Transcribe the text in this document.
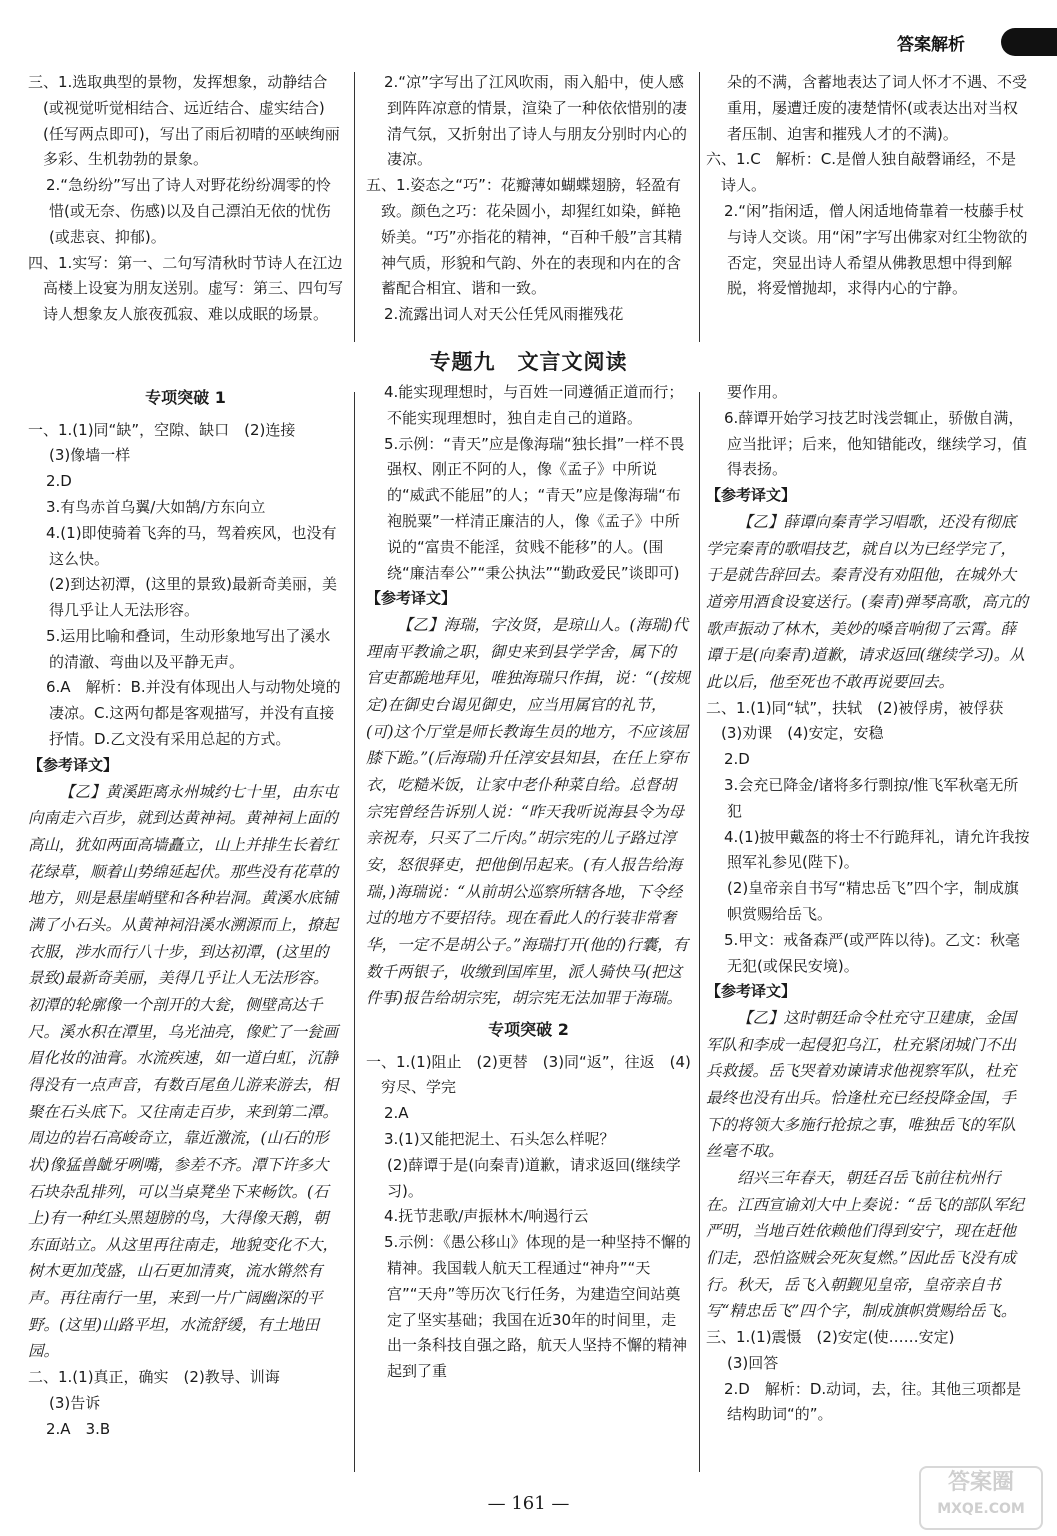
答案解析

三、1.选取典型的景物，发挥想象，动静结合(或视觉听觉相结合、远近结合、虚实结合)(任写两点即可)，写出了雨后初晴的巫峡绚丽多彩、生机勃勃的景象。

2.“急纷纷”写出了诗人对野花纷纷凋零的怜惜(或无奈、伤感)以及自己漂泊无依的忧伤(或悲哀、抑郁)。

四、1.实写：第一、二句写清秋时节诗人在江边高楼上设宴为朋友送别。虚写：第三、四句写诗人想象友人旅夜孤寂、难以成眠的场景。

2.“凉”字写出了江风吹雨，雨入船中，使人感到阵阵凉意的情景，渲染了一种依依惜别的凄清气氛，又折射出了诗人与朋友分别时内心的凄凉。

五、1.姿态之“巧”：花瓣薄如蝴蝶翅膀，轻盈有致。颜色之巧：花朵圆小，却猩红如染，鲜艳娇美。“巧”亦指花的精神，“百种千般”言其精神气质，形貌和气韵、外在的表现和内在的含蓄配合相宜、谐和一致。

2.流露出词人对天公任凭风雨摧残花

朵的不满，含蓄地表达了词人怀才不遇、不受重用，屡遭迁废的凄楚情怀(或表达出对当权者压制、迫害和摧残人才的不满)。

六、1.C　解析：C.是僧人独自敲磬诵经，不是诗人。

2.“闲”指闲适，僧人闲适地倚靠着一枝藤手杖与诗人交谈。用“闲”字写出佛家对红尘物欲的否定，突显出诗人希望从佛教思想中得到解脱，将爱憎抛却，求得内心的宁静。

专题九　文言文阅读

专项突破 1

一、1.(1)同“缺”，空隙、缺口　(2)连接

(3)像墙一样

2.D

3.有鸟赤首乌翼/大如鹄/方东向立

4.(1)即使骑着飞奔的马，驾着疾风，也没有这么快。

(2)到达初潭，(这里的景致)最新奇美丽，美得几乎让人无法形容。

5.运用比喻和叠词，生动形象地写出了溪水的清澈、弯曲以及平静无声。

6.A　解析：B.并没有体现出人与动物处境的凄凉。C.这两句都是客观描写，并没有直接抒情。D.乙文没有采用总起的方式。

【参考译文】

【乙】黄溪距离永州城约七十里，由东屯向南走六百步，就到达黄神祠。黄神祠上面的高山，犹如两面高墙矗立，山上并排生长着红花绿草，顺着山势绵延起伏。那些没有花草的地方，则是悬崖峭壁和各种岩洞。黄溪水底铺满了小石头。从黄神祠沿溪水溯源而上，撩起衣服，涉水而行八十步，到达初潭，(这里的景致)最新奇美丽，美得几乎让人无法形容。初潭的轮廓像一个剖开的大瓮，侧壁高达千尺。溪水积在潭里，乌光油亮，像贮了一瓮画眉化妆的油膏。水流疾速，如一道白虹，沉静得没有一点声音，有数百尾鱼儿游来游去，相聚在石头底下。又往南走百步，来到第二潭。周边的岩石高峻奇立，靠近激流，(山石的形状)像猛兽龇牙咧嘴，参差不齐。潭下许多大石块杂乱排列，可以当桌凳坐下来畅饮。(石上)有一种红头黑翅膀的鸟，大得像天鹅，朝东面站立。从这里再往南走，地貌变化不大，树木更加茂盛，山石更加清爽，流水锵然有声。再往南行一里，来到一片广阔幽深的平野。(这里)山路平坦，水流舒缓，有土地田园。

二、1.(1)真正，确实　(2)教导、训诲

(3)告诉

2.A　3.B

4.能实现理想时，与百姓一同遵循正道而行；不能实现理想时，独自走自己的道路。

5.示例：“青天”应是像海瑞“独长揖”一样不畏强权、刚正不阿的人，像《孟子》中所说的“威武不能屈”的人；“青天”应是像海瑞“布袍脱粟”一样清正廉洁的人，像《孟子》中所说的“富贵不能淫，贫贱不能移”的人。(围绕“廉洁奉公”“秉公执法”“勤政爱民”谈即可)

【参考译文】

【乙】海瑞，字汝贤，是琼山人。(海瑞)代理南平教谕之职，御史来到县学学舍，属下的官吏都跪地拜见，唯独海瑞只作揖，说：“(按规定)在御史台谒见御史，应当用属官的礼节，(可)这个厅堂是师长教诲生员的地方，不应该屈膝下跪。”(后海瑞)升任淳安县知县，在任上穿布衣，吃糙米饭，让家中老仆种菜自给。总督胡宗宪曾经告诉别人说：“昨天我听说海县令为母亲祝寿，只买了二斤肉。”胡宗宪的儿子路过淳安，怒很驿吏，把他倒吊起来。(有人报告给海瑞，)海瑞说：“从前胡公巡察所辖各地，下令经过的地方不要招待。现在看此人的行装非常奢华，一定不是胡公子。”海瑞打开(他的)行囊，有数千两银子，收缴到国库里，派人骑快马(把这件事)报告给胡宗宪，胡宗宪无法加罪于海瑞。

专项突破 2

一、1.(1)阻止　(2)更替　(3)同“返”，往返　(4)穷尽、学完

2.A

3.(1)又能把泥土、石头怎么样呢？

(2)薛谭于是(向秦青)道歉，请求返回(继续学习)。

4.抚节悲歌/声振林木/响遏行云

5.示例：《愚公移山》体现的是一种坚持不懈的精神。我国载人航天工程通过“神舟”“天宫”“天舟”等历次飞行任务，为建造空间站奠定了坚实基础；我国在近30年的时间里，走出一条科技自强之路，航天人坚持不懈的精神起到了重

要作用。

6.薛谭开始学习技艺时浅尝辄止，骄傲自满，应当批评；后来，他知错能改，继续学习，值得表扬。

【参考译文】

【乙】薛谭向秦青学习唱歌，还没有彻底学完秦青的歌唱技艺，就自以为已经学完了，于是就告辞回去。秦青没有劝阻他，在城外大道旁用酒食设宴送行。(秦青)弹琴高歌，高亢的歌声振动了林木，美妙的嗓音响彻了云霄。薛谭于是(向秦青)道歉，请求返回(继续学习)。从此以后，他至死也不敢再说要回去。

二、1.(1)同“轼”，扶轼　(2)被俘虏，被俘获　(3)劝课　(4)安定，安稳

2.D

3.会充已降金/诸将多行剽掠/惟飞军秋毫无所犯

4.(1)披甲戴盔的将士不行跪拜礼，请允许我按照军礼参见(陛下)。

(2)皇帝亲自书写“精忠岳飞”四个字，制成旗帜赏赐给岳飞。

5.甲文：戒备森严(或严阵以待)。乙文：秋毫无犯(或保民安境)。

【参考译文】

【乙】这时朝廷命令杜充守卫建康，金国军队和李成一起侵犯乌江，杜充紧闭城门不出兵救援。岳飞哭着劝谏请求他视察军队，杜充最终也没有出兵。恰逢杜充已经投降金国，手下的将领大多施行抢掠之事，唯独岳飞的军队丝毫不取。

绍兴三年春天，朝廷召岳飞前往杭州行在。江西宣谕刘大中上奏说：“岳飞的部队军纪严明，当地百姓依赖他们得到安宁，现在赶他们走，恐怕盗贼会死灰复燃。”因此岳飞没有成行。秋天，岳飞入朝觐见皇帝，皇帝亲自书写“精忠岳飞”四个字，制成旗帜赏赐给岳飞。

三、1.(1)震慑　(2)安定(使……安定)

(3)回答

2.D　解析：D.动词，去，往。其他三项都是结构助词“的”。

— 161 —
答案圈
MXQE.COM
